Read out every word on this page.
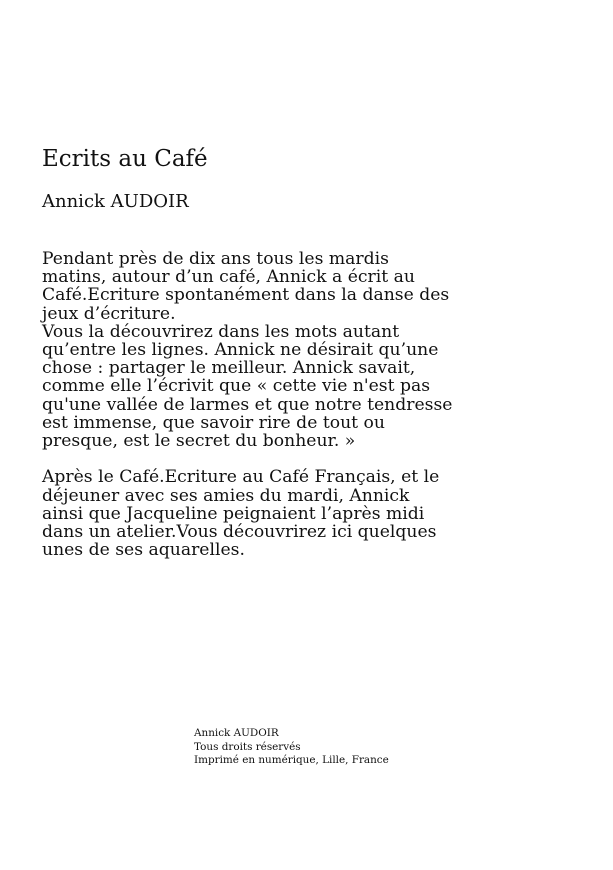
Ecrits au Café
Annick AUDOIR
Pendant près de dix ans tous les mardis
matins, autour d’un café, Annick a écrit au
Café.Ecriture spontanément dans la danse des
jeux d’écriture.
Vous la découvrirez dans les mots autant
qu’entre les lignes. Annick ne désirait qu’une
chose : partager le meilleur. Annick savait,
comme elle l’écrivit que « cette vie n'est pas
qu'une vallée de larmes et que notre tendresse
est immense, que savoir rire de tout ou
presque, est le secret du bonheur. »
Après le Café.Ecriture au Café Français, et le
déjeuner avec ses amies du mardi, Annick
ainsi que Jacqueline peignaient l’après midi
dans un atelier.Vous découvrirez ici quelques
unes de ses aquarelles.
Annick AUDOIR
Tous droits réservés
Imprimé en numérique, Lille, France
